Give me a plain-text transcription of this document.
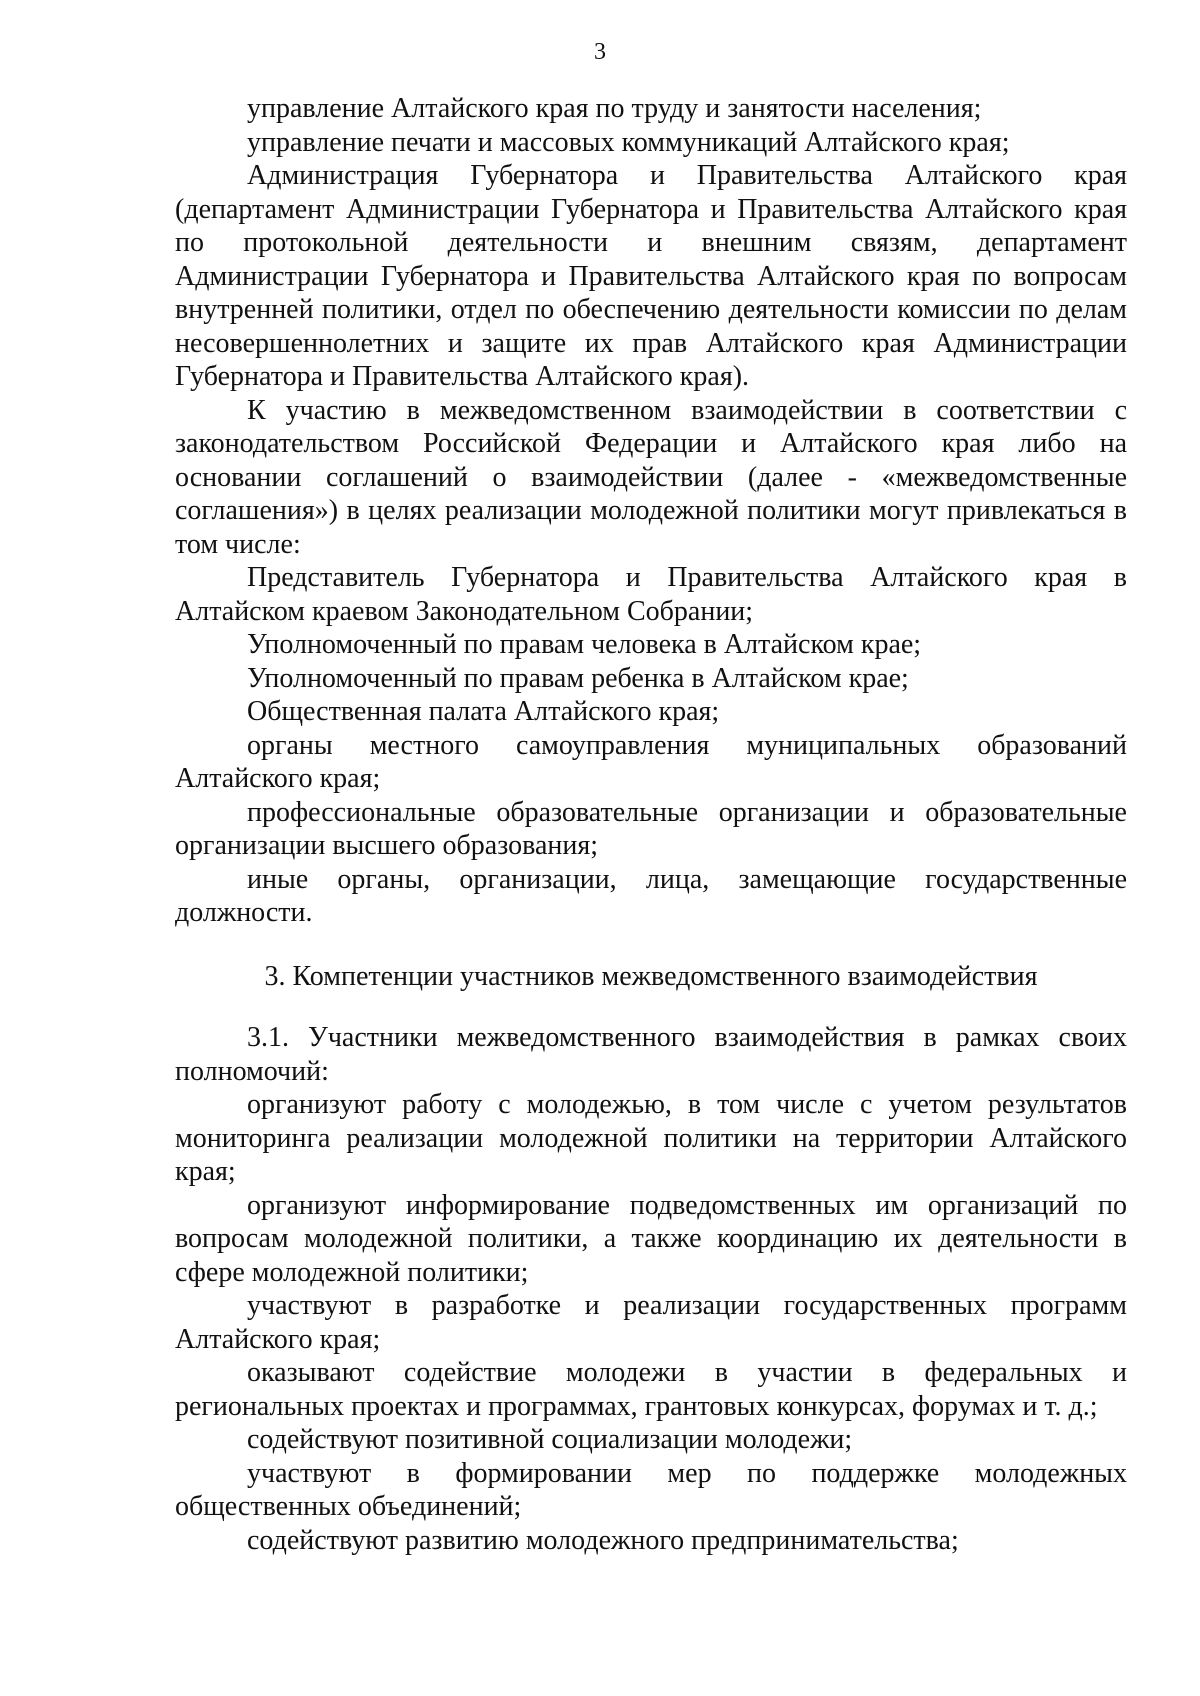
3

управление Алтайского края по труду и занятости населения;

управление печати и массовых коммуникаций Алтайского края;

Администрация Губернатора и Правительства Алтайского края (департамент Администрации Губернатора и Правительства Алтайского края по протокольной деятельности и внешним связям, департамент Администрации Губернатора и Правительства Алтайского края по вопросам внутренней политики, отдел по обеспечению деятельности комиссии по делам несовершеннолетних и защите их прав Алтайского края Администрации Губернатора и Правительства Алтайского края).

К участию в межведомственном взаимодействии в соответствии с законодательством Российской Федерации и Алтайского края либо на основании соглашений о взаимодействии (далее - «межведомственные соглашения») в целях реализации молодежной политики могут привлекаться в том числе:

Представитель Губернатора и Правительства Алтайского края в Алтайском краевом Законодательном Собрании;

Уполномоченный по правам человека в Алтайском крае;

Уполномоченный по правам ребенка в Алтайском крае;

Общественная палата Алтайского края;

органы местного самоуправления муниципальных образований Алтайского края;

профессиональные образовательные организации и образовательные организации высшего образования;

иные органы, организации, лица, замещающие государственные должности.

3. Компетенции участников межведомственного взаимодействия

3.1. Участники межведомственного взаимодействия в рамках своих полномочий:

организуют работу с молодежью, в том числе с учетом результатов мониторинга реализации молодежной политики на территории Алтайского края;

организуют информирование подведомственных им организаций по вопросам молодежной политики, а также координацию их деятельности в сфере молодежной политики;

участвуют в разработке и реализации государственных программ Алтайского края;

оказывают содействие молодежи в участии в федеральных и региональных проектах и программах, грантовых конкурсах, форумах и т. д.;

содействуют позитивной социализации молодежи;

участвуют в формировании мер по поддержке молодежных общественных объединений;

содействуют развитию молодежного предпринимательства;
